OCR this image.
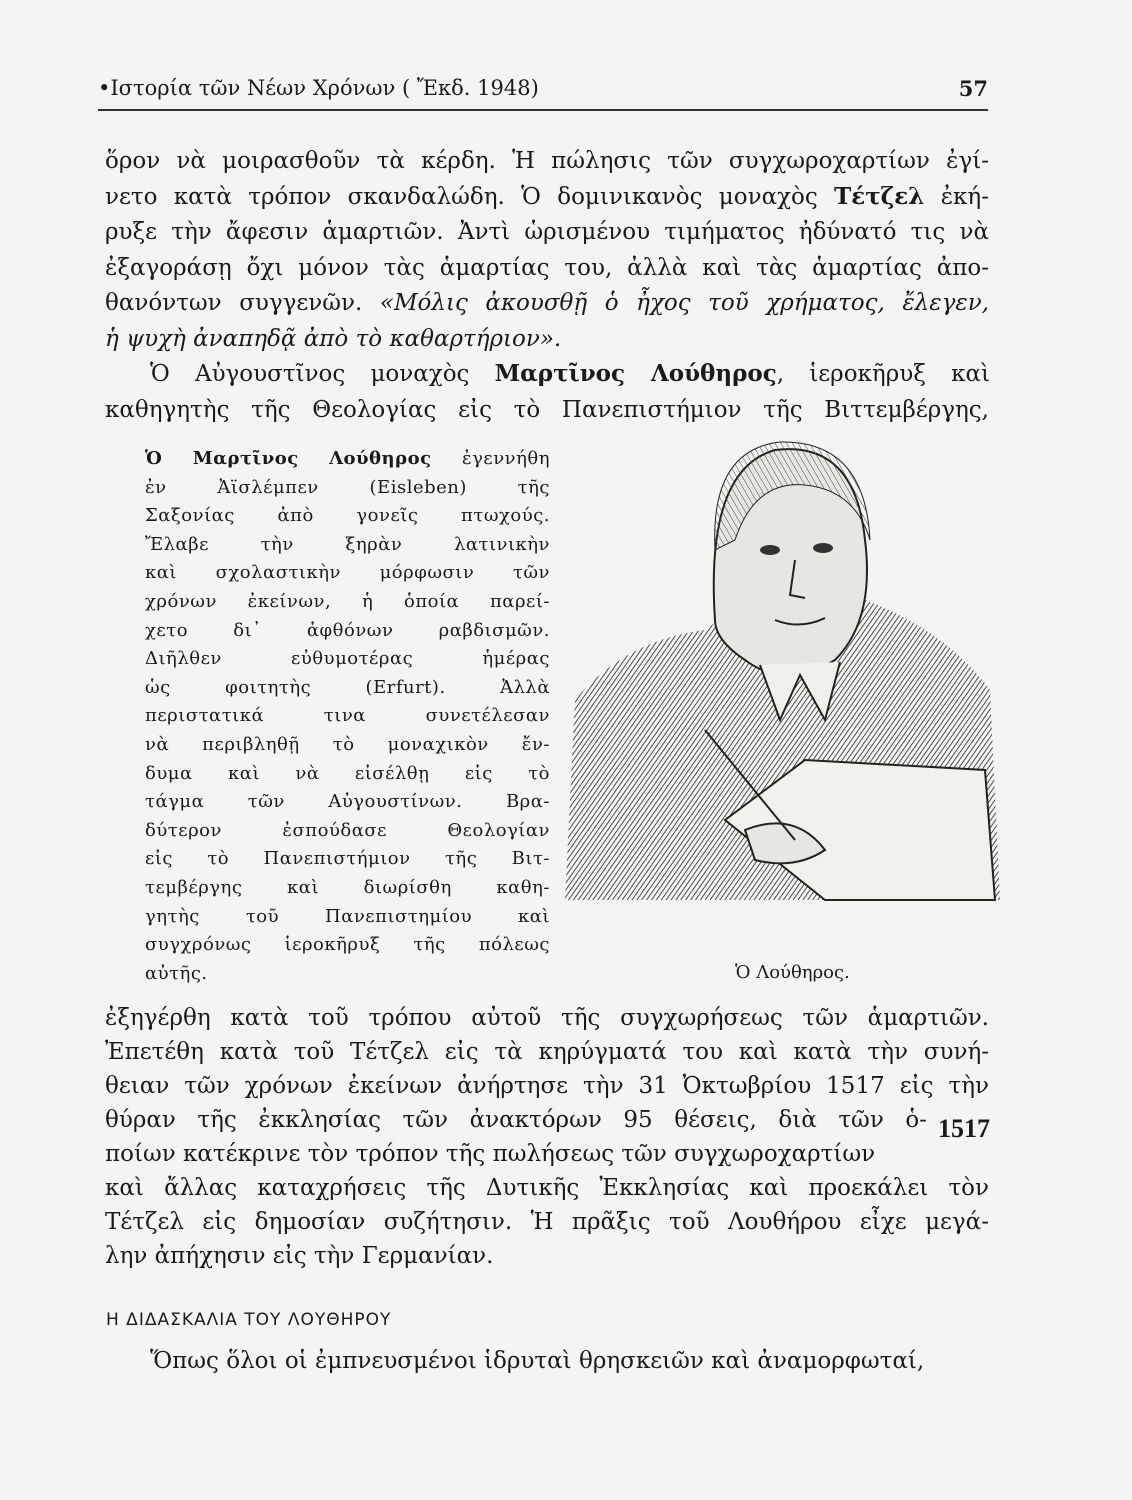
•Ιστορία τῶν Νέων Χρόνων ( Ἔκδ. 1948)	57
ὅρον νὰ μοιρασθοῦν τὰ κέρδη. Ἡ πώλησις τῶν συγχωροχαρτίων ἐγί-
νετο κατὰ τρόπον σκανδαλώδη. Ὁ δομινικανὸς μοναχὸς Τέτζελ ἐκή-
ρυξε τὴν ἄφεσιν ἁμαρτιῶν. Ἀντὶ ὡρισμένου τιμήματος ἠδύνατό τις νὰ
ἐξαγοράσῃ ὄχι μόνον τὰς ἁμαρτίας του, ἀλλὰ καὶ τὰς ἁμαρτίας ἀπο-
θανόντων συγγενῶν. «Μόλις ἀκουσθῇ ὁ ἦχος τοῦ χρήματος, ἔλεγεν,
ἡ ψυχὴ ἀναπηδᾷ ἀπὸ τὸ καθαρτήριον».
Ὁ Αὐγουστῖνος μοναχὸς Μαρτῖνος Λούθηρος, ἱεροκῆρυξ καὶ
καθηγητὴς τῆς Θεολογίας εἰς τὸ Πανεπιστήμιον τῆς Βιττεμβέργης,
Ὁ Μαρτῖνος Λούθηρος ἐγεννήθη
ἐν Ἀϊσλέμπεν (Eisleben) τῆς
Σαξονίας ἀπὸ γονεῖς πτωχούς.
Ἔλαβε τὴν ξηρὰν λατινικὴν
καὶ σχολαστικὴν μόρφωσιν τῶν
χρόνων ἐκείνων, ἡ ὁποία παρεί-
χετο δι᾽ ἀφθόνων ραβδισμῶν.
Διῆλθεν εὐθυμοτέρας ἡμέρας
ὡς φοιτητὴς (Erfurt). Ἀλλὰ
περιστατικά τινα συνετέλεσαν
νὰ περιβληθῇ τὸ μοναχικὸν ἔν-
δυμα καὶ νὰ εἰσέλθῃ εἰς τὸ
τάγμα τῶν Αὐγουστίνων. Βρα-
δύτερον ἐσπούδασε Θεολογίαν
εἰς τὸ Πανεπιστήμιον τῆς Βιτ-
τεμβέργης καὶ διωρίσθη καθη-
γητὴς τοῦ Πανεπιστημίου καὶ
συγχρόνως ἱεροκῆρυξ τῆς πόλεως
αὐτῆς.	Ὁ Λούθηρος.
ἐξηγέρθη κατὰ τοῦ τρόπου αὐτοῦ τῆς συγχωρήσεως τῶν ἁμαρτιῶν.
Ἐπετέθη κατὰ τοῦ Τέτζελ εἰς τὰ κηρύγματά του καὶ κατὰ τὴν συνή-
θειαν τῶν χρόνων ἐκείνων ἀνήρτησε τὴν 31 Ὀκτωβρίου 1517 εἰς τὴν
θύραν τῆς ἐκκλησίας τῶν ἀνακτόρων 95 θέσεις, διὰ τῶν ὁ-
ποίων κατέκρινε τὸν τρόπον τῆς πωλήσεως τῶν συγχωροχαρτίων
καὶ ἄλλας καταχρήσεις τῆς Δυτικῆς Ἐκκλησίας καὶ προεκάλει τὸν
Τέτζελ εἰς δημοσίαν συζήτησιν. Ἡ πρᾶξις τοῦ Λουθήρου εἶχε μεγά-
λην ἀπήχησιν εἰς τὴν Γερμανίαν.
1517
Η ΔΙΔΑΣΚΑΛΙΑ ΤΟΥ ΛΟΥΘΗΡΟΥ
Ὅπως ὅλοι οἱ ἐμπνευσμένοι ἱδρυταὶ θρησκειῶν καὶ ἀναμορφωταί,
